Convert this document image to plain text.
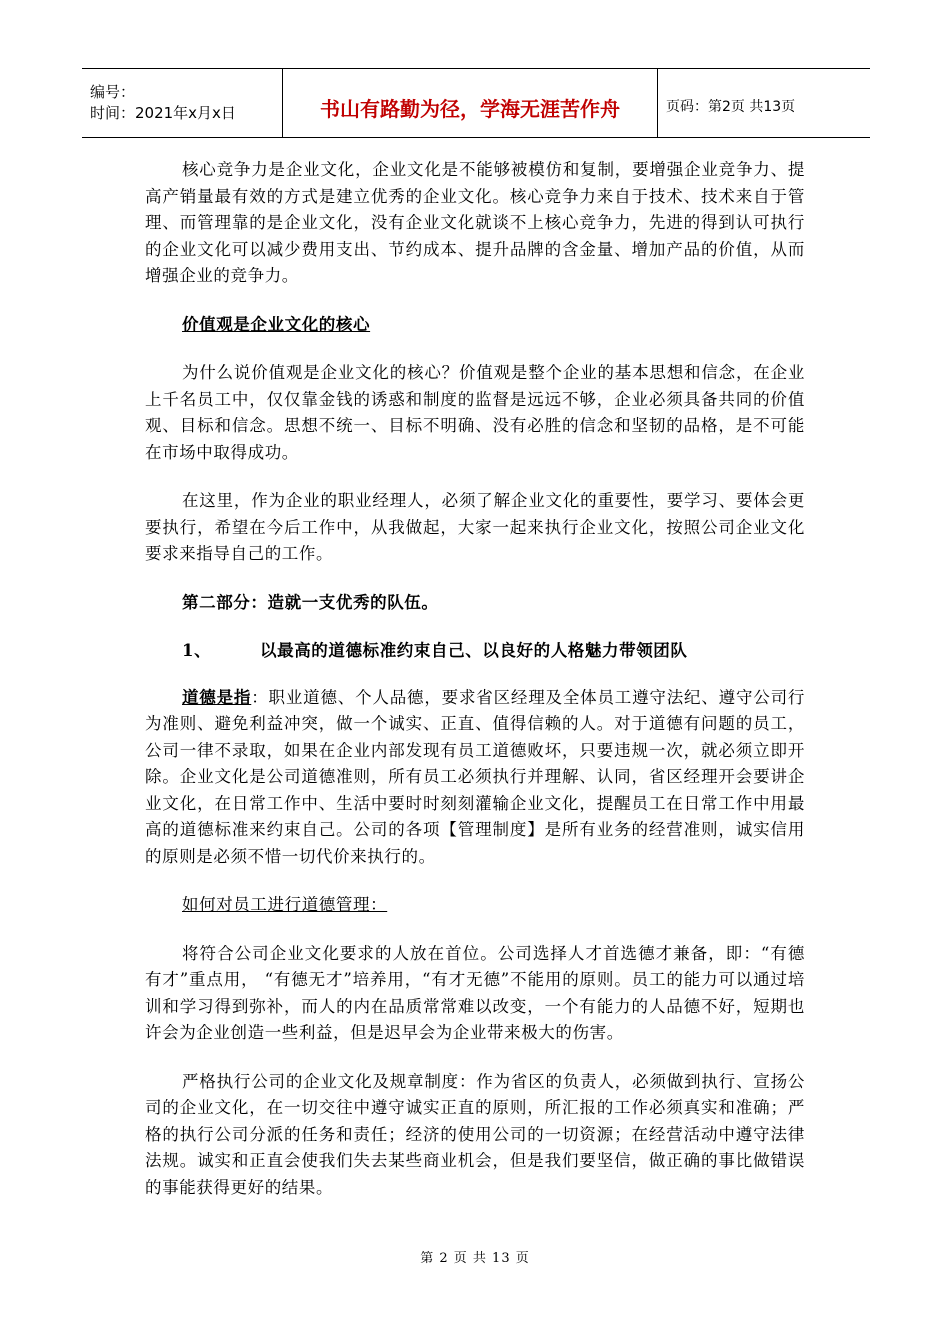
编号：
时间：2021年x月x日	书山有路勤为径，学海无涯苦作舟	页码：第2页 共13页

核心竞争力是企业文化，企业文化是不能够被模仿和复制，要增强企业竞争力、提高产销量最有效的方式是建立优秀的企业文化。核心竞争力来自于技术、技术来自于管理、而管理靠的是企业文化，没有企业文化就谈不上核心竞争力，先进的得到认可执行的企业文化可以减少费用支出、节约成本、提升品牌的含金量、增加产品的价值，从而增强企业的竞争力。

价值观是企业文化的核心

为什么说价值观是企业文化的核心？价值观是整个企业的基本思想和信念，在企业上千名员工中，仅仅靠金钱的诱惑和制度的监督是远远不够，企业必须具备共同的价值观、目标和信念。思想不统一、目标不明确、没有必胜的信念和坚韧的品格，是不可能在市场中取得成功。

在这里，作为企业的职业经理人，必须了解企业文化的重要性，要学习、要体会更要执行，希望在今后工作中，从我做起，大家一起来执行企业文化，按照公司企业文化要求来指导自己的工作。

第二部分：造就一支优秀的队伍。
1、	以最高的道德标准约束自己、以良好的人格魅力带领团队

道德是指：职业道德、个人品德，要求省区经理及全体员工遵守法纪、遵守公司行为准则、避免利益冲突，做一个诚实、正直、值得信赖的人。对于道德有问题的员工，公司一律不录取，如果在企业内部发现有员工道德败坏，只要违规一次，就必须立即开除。企业文化是公司道德准则，所有员工必须执行并理解、认同，省区经理开会要讲企业文化，在日常工作中、生活中要时时刻刻灌输企业文化，提醒员工在日常工作中用最高的道德标准来约束自己。公司的各项【管理制度】是所有业务的经营准则，诚实信用的原则是必须不惜一切代价来执行的。

如何对员工进行道德管理：

将符合公司企业文化要求的人放在首位。公司选择人才首选德才兼备，即：“有德有才”重点用， “有德无才”培养用，“有才无德”不能用的原则。员工的能力可以通过培训和学习得到弥补，而人的内在品质常常难以改变，一个有能力的人品德不好，短期也许会为企业创造一些利益，但是迟早会为企业带来极大的伤害。

严格执行公司的企业文化及规章制度：作为省区的负责人，必须做到执行、宣扬公司的企业文化，在一切交往中遵守诚实正直的原则，所汇报的工作必须真实和准确；严格的执行公司分派的任务和责任；经济的使用公司的一切资源；在经营活动中遵守法律法规。诚实和正直会使我们失去某些商业机会，但是我们要坚信，做正确的事比做错误的事能获得更好的结果。

第 2 页 共 13 页
